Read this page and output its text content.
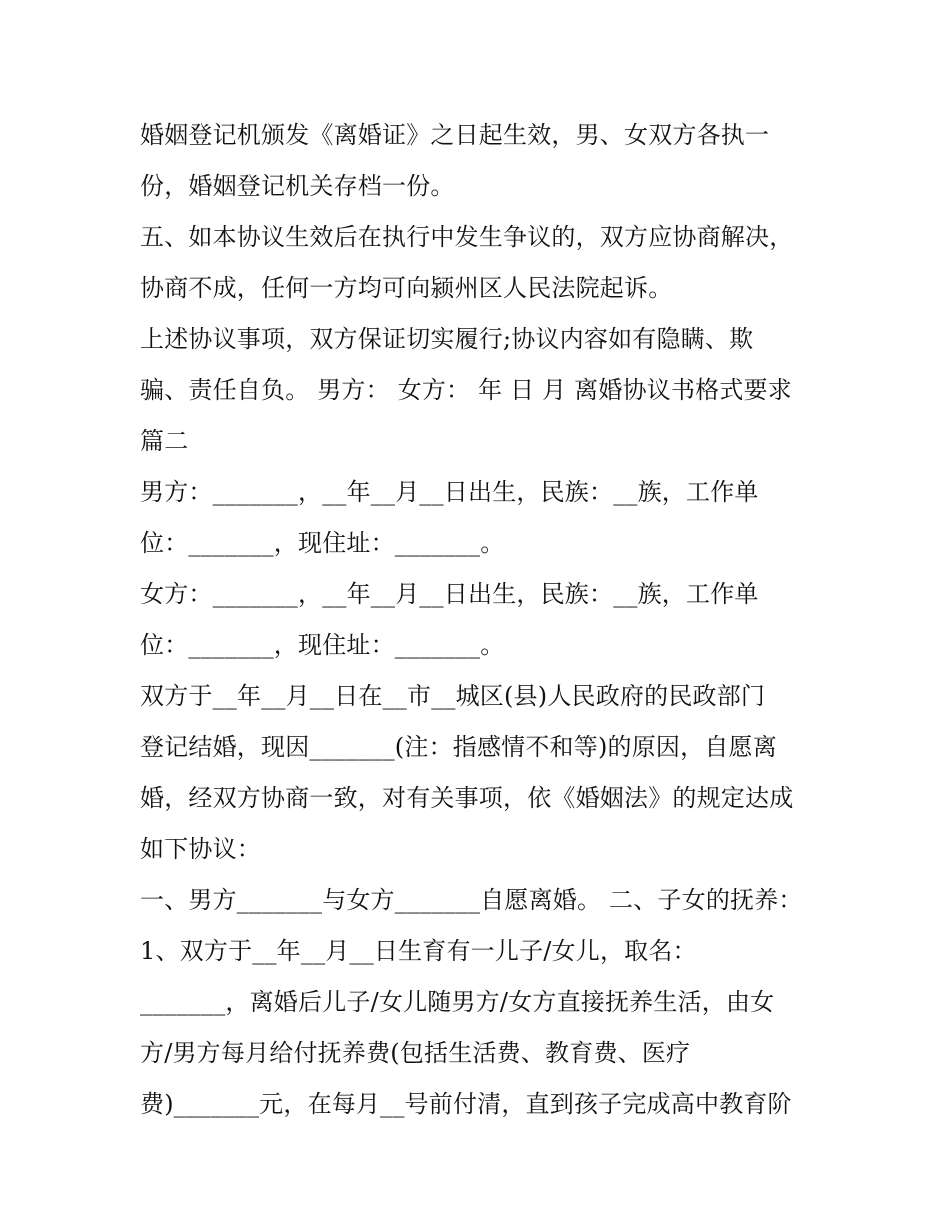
婚姻登记机颁发《离婚证》之日起生效，男、女双方各执一
份，婚姻登记机关存档一份。
五、如本协议生效后在执行中发生争议的，双方应协商解决，
协商不成，任何一方均可向颍州区人民法院起诉。
上述协议事项，双方保证切实履行;协议内容如有隐瞒、欺
骗、责任自负。 男方： 女方： 年 日 月 离婚协议书格式要求
篇二
男方：_______，__年__月__日出生，民族：__族，工作单
位：_______，现住址：_______。
女方：_______，__年__月__日出生，民族：__族，工作单
位：_______，现住址：_______。
双方于__年__月__日在__市__城区(县)人民政府的民政部门
登记结婚，现因_______(注：指感情不和等)的原因，自愿离
婚，经双方协商一致，对有关事项，依《婚姻法》的规定达成
如下协议：
一、男方_______与女方_______自愿离婚。 二、子女的抚养：
1、双方于__年__月__日生育有一儿子/女儿，取名：
_______，离婚后儿子/女儿随男方/女方直接抚养生活，由女
方/男方每月给付抚养费(包括生活费、教育费、医疗
费)_______元，在每月__号前付清，直到孩子完成高中教育阶
